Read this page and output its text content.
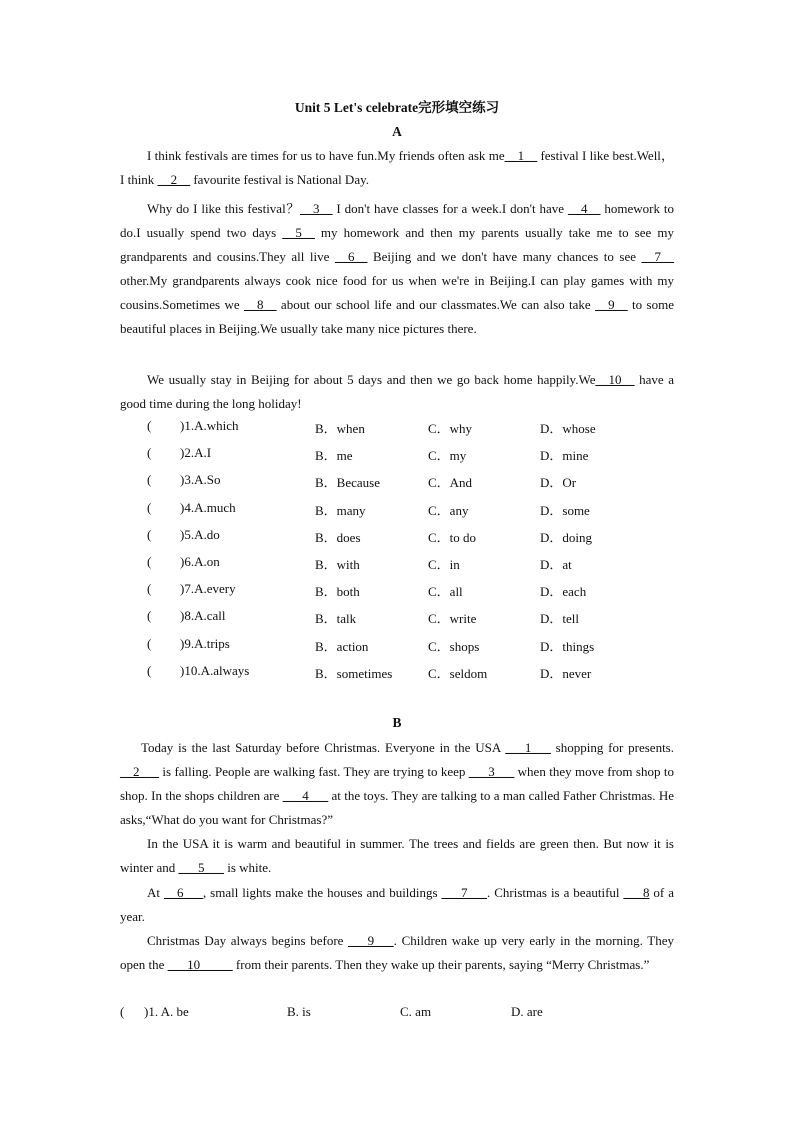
Unit 5 Let's celebrate完形填空练习
A
I think festivals are times for us to have fun.My friends often ask me__1__ festival I like best.Well，I think __2__ favourite festival is National Day.
Why do I like this festival？__3__ I don't have classes for a week.I don't have __4__ homework to do.I usually spend two days __5__ my homework and then my parents usually take me to see my grandparents and cousins.They all live __6__ Beijing and we don't have many chances to see __7__ other.My grandparents always cook nice food for us when we're in Beijing.I can play games with my cousins.Sometimes we __8__ about our school life and our classmates.We can also take __9__ to some beautiful places in Beijing.We usually take many nice pictures there.
We usually stay in Beijing for about 5 days and then we go back home happily.We__10__ have a good time during the long holiday!
( )1.A.which	B．when	C．why	D．whose
( )2.A.I	B．me	C．my	D．mine
( )3.A.So	B．Because	C．And	D．Or
( )4.A.much	B．many	C．any	D．some
( )5.A.do	B．does	C．to do	D．doing
( )6.A.on	B．with	C．in	D．at
( )7.A.every	B．both	C．all	D．each
( )8.A.call	B．talk	C．write	D．tell
( )9.A.trips	B．action	C．shops	D．things
( )10.A.always	B．sometimes	C．seldom	D．never
B
Today is the last Saturday before Christmas. Everyone in the USA ___1___ shopping for presents. __2___ is falling. People are walking fast. They are trying to keep ___3___ when they move from shop to shop. In the shops children are ___4___ at the toys. They are talking to a man called Father Christmas. He asks,“What do you want for Christmas?”
In the USA it is warm and beautiful in summer. The trees and fields are green then. But now it is winter and ___5___ is white.
At __6___, small lights make the houses and buildings ___7___. Christmas is a beautiful ___8 of a year.
Christmas Day always begins before ___9___. Children wake up very early in the morning. They open the ___10_____ from their parents. Then they wake up their parents, saying “Merry Christmas.”
( )1. A. be	B. is	C. am	D. are
